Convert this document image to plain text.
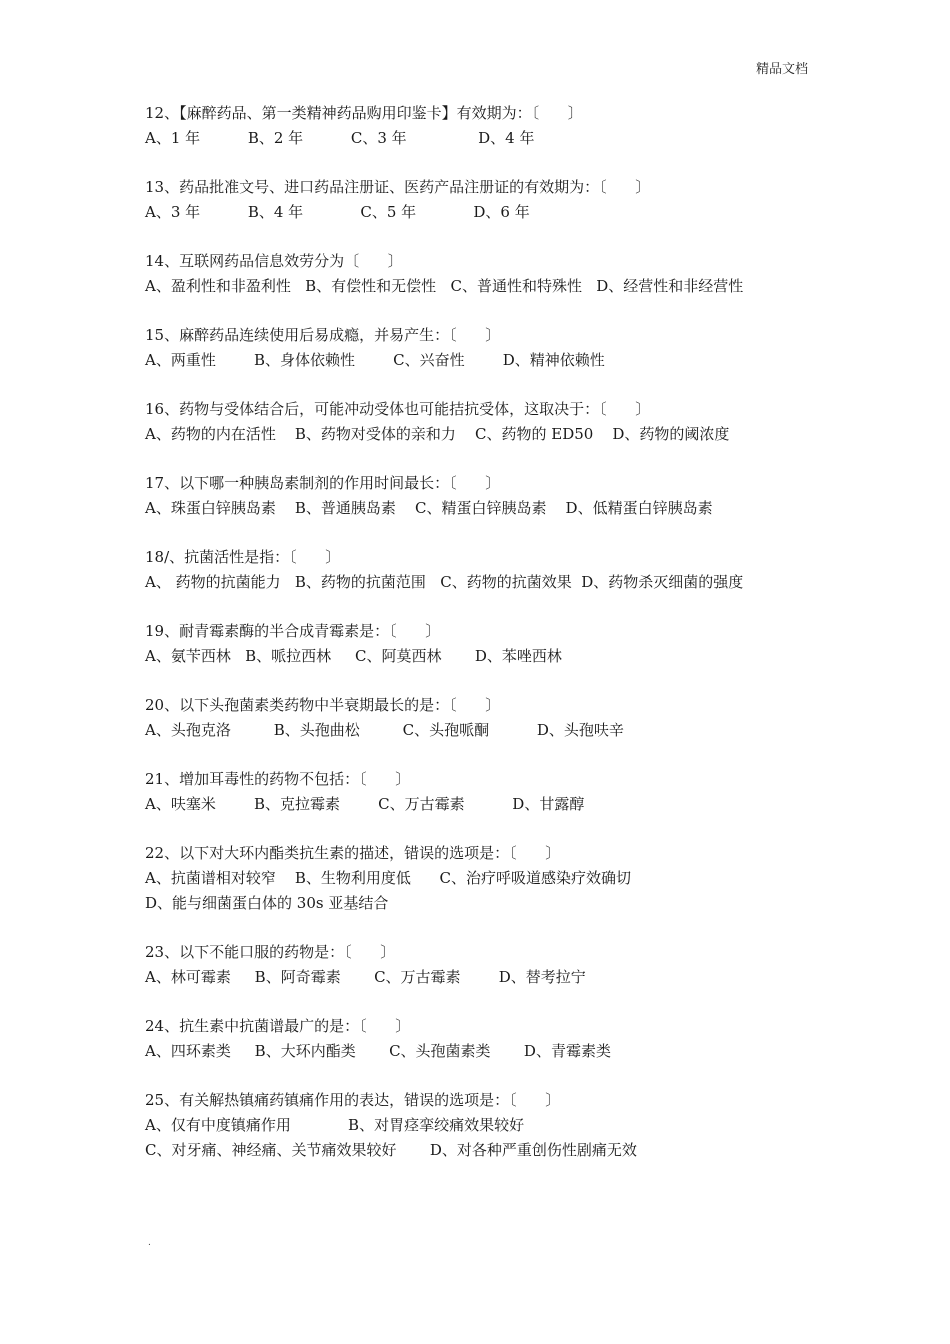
精品文档
12、【麻醉药品、第一类精神药品购用印鉴卡】有效期为：〔      〕
A、1 年          B、2 年          C、3 年               D、4 年
13、药品批准文号、进口药品注册证、医药产品注册证的有效期为：〔      〕
A、3 年          B、4 年            C、5 年            D、6 年
14、互联网药品信息效劳分为〔      〕
A、盈利性和非盈利性   B、有偿性和无偿性   C、普通性和特殊性   D、经营性和非经营性
15、麻醉药品连续使用后易成瘾，并易产生：〔      〕
A、两重性        B、身体依赖性        C、兴奋性        D、精神依赖性
16、药物与受体结合后，可能冲动受体也可能拮抗受体，这取决于：〔      〕
A、药物的内在活性    B、药物对受体的亲和力    C、药物的 ED50    D、药物的阈浓度
17、以下哪一种胰岛素制剂的作用时间最长：〔      〕
A、珠蛋白锌胰岛素    B、普通胰岛素    C、精蛋白锌胰岛素    D、低精蛋白锌胰岛素
18/、抗菌活性是指：〔      〕
A、 药物的抗菌能力   B、药物的抗菌范围   C、药物的抗菌效果  D、药物杀灭细菌的强度
19、耐青霉素酶的半合成青霉素是：〔      〕
A、氨苄西林   B、哌拉西林     C、阿莫西林       D、苯唑西林
20、以下头孢菌素类药物中半衰期最长的是：〔      〕
A、头孢克洛         B、头孢曲松         C、头孢哌酮          D、头孢呋辛
21、增加耳毒性的药物不包括：〔      〕
A、呋塞米        B、克拉霉素        C、万古霉素          D、甘露醇
22、以下对大环内酯类抗生素的描述，错误的选项是：〔      〕
A、抗菌谱相对较窄    B、生物利用度低      C、治疗呼吸道感染疗效确切
D、能与细菌蛋白体的 30s 亚基结合
23、以下不能口服的药物是：〔      〕
A、林可霉素     B、阿奇霉素       C、万古霉素        D、替考拉宁
24、抗生素中抗菌谱最广的是：〔      〕
A、四环素类     B、大环内酯类       C、头孢菌素类       D、青霉素类
25、有关解热镇痛药镇痛作用的表达，错误的选项是：〔      〕
A、仅有中度镇痛作用            B、对胃痉挛绞痛效果较好
C、对牙痛、神经痛、关节痛效果较好       D、对各种严重创伤性剧痛无效
.
